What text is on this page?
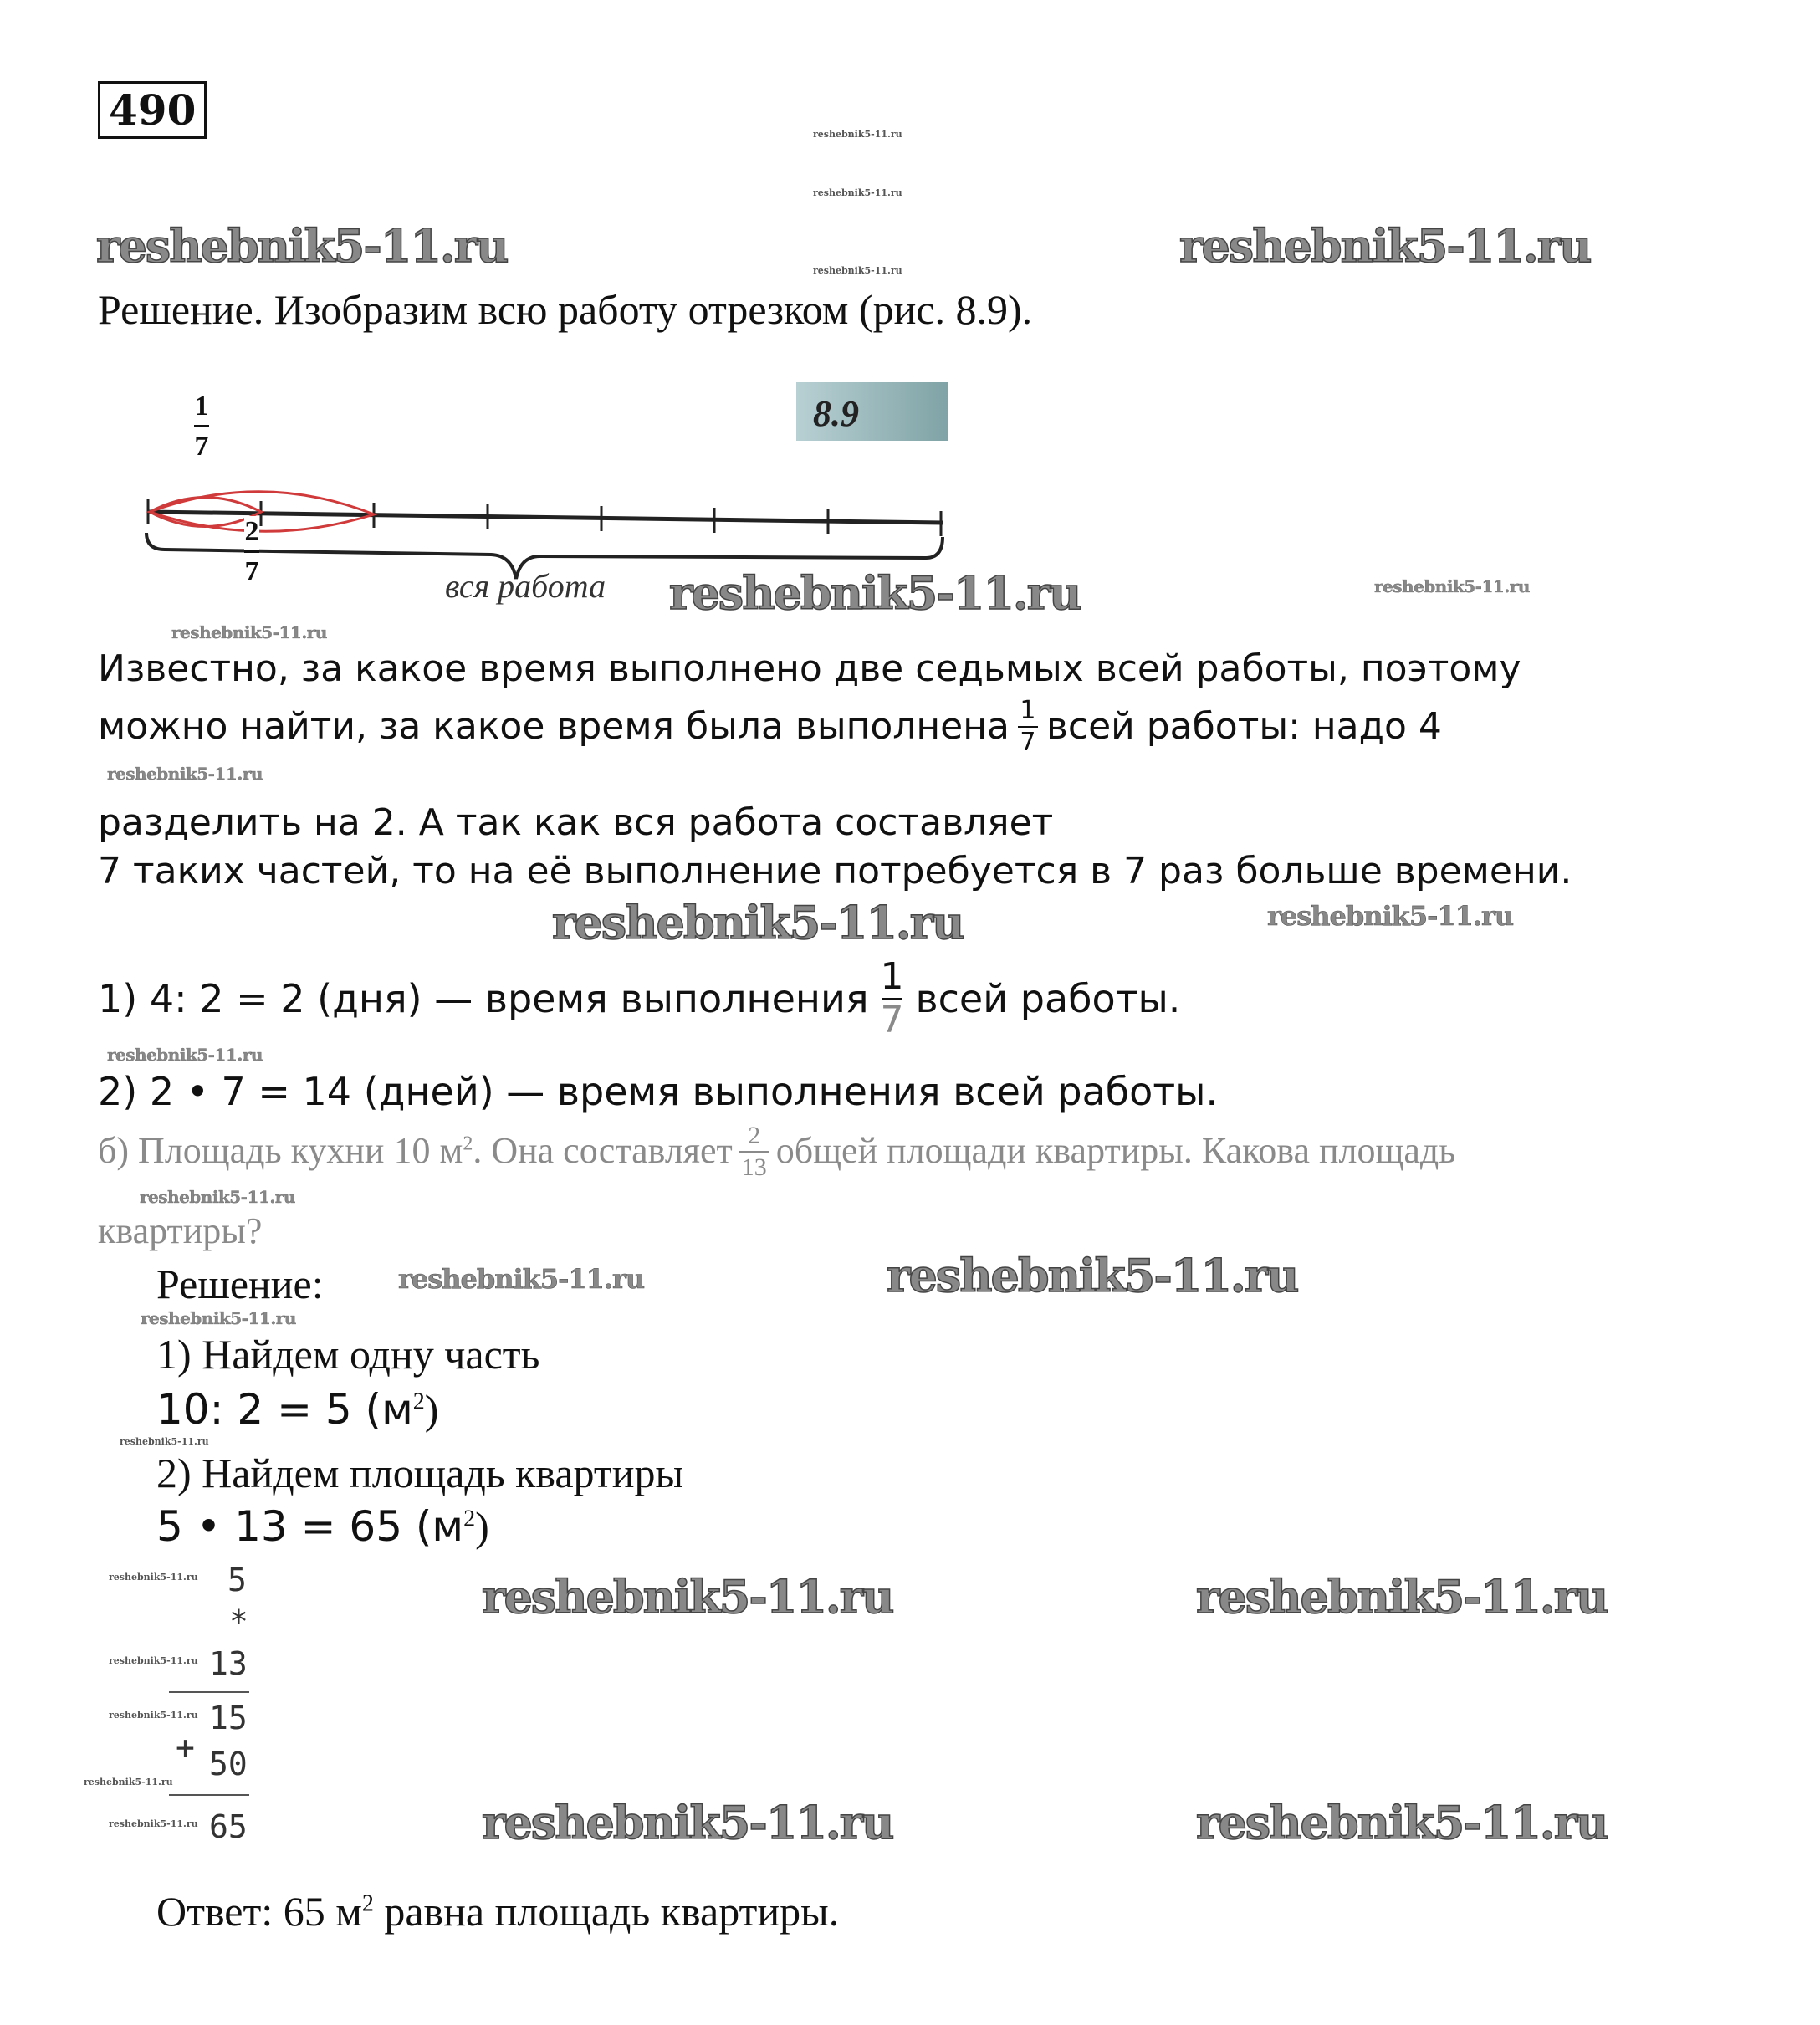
490	reshebnik5-11.ru
reshebnik5-11.ru
reshebnik5-11.ru
reshebnik5-11.ru	reshebnik5-11.ru
Решение. Изобразим всю работу отрезком (рис. 8.9).
8.9
1
7
2
7	вся работа reshebnik5-11.ru
reshebnik5-11.ru
reshebnik5-11.ru
Известно, за какое время выполнено две седьмых всей работы, поэтому
можно найти, за какое время была выполнена $\frac{1}{7}$ всей работы: надо 4
reshebnik5-11.ru
разделить на 2. А так как вся работа составляет
7 таких частей, то на её выполнение потребуется в 7 раз больше времени.
reshebnik5-11.ru	reshebnik5-11.ru
1) 4: 2 = 2 (дня) — время выполнения $\frac{1}{7}$ всей работы.
reshebnik5-11.ru
2) 2 • 7 = 14 (дней) — время выполнения всей работы.
б) Площадь кухни 10 $м^2$. Она составляет $\frac{2}{13}$ общей площади квартиры. Какова площадь
reshebnik5-11.ru
квартиры?
Решение:	reshebnik5-11.ru	reshebnik5-11.ru
reshebnik5-11.ru
1) Найдем одну часть
10: 2 = 5 $(м^2)$
reshebnik5-11.ru
2) Найдем площадь квартиры
5 • 13 = 65 $(м^2)$
reshebnik5-11.ru 5
*
reshebnik5-11.ru 13
reshebnik5-11.ru 15
+
reshebnik5-11.ru 50
reshebnik5-11.ru 65
reshebnik5-11.ru	reshebnik5-11.ru
reshebnik5-11.ru	reshebnik5-11.ru
Ответ: 65 $м^2$ равна площадь квартиры.
